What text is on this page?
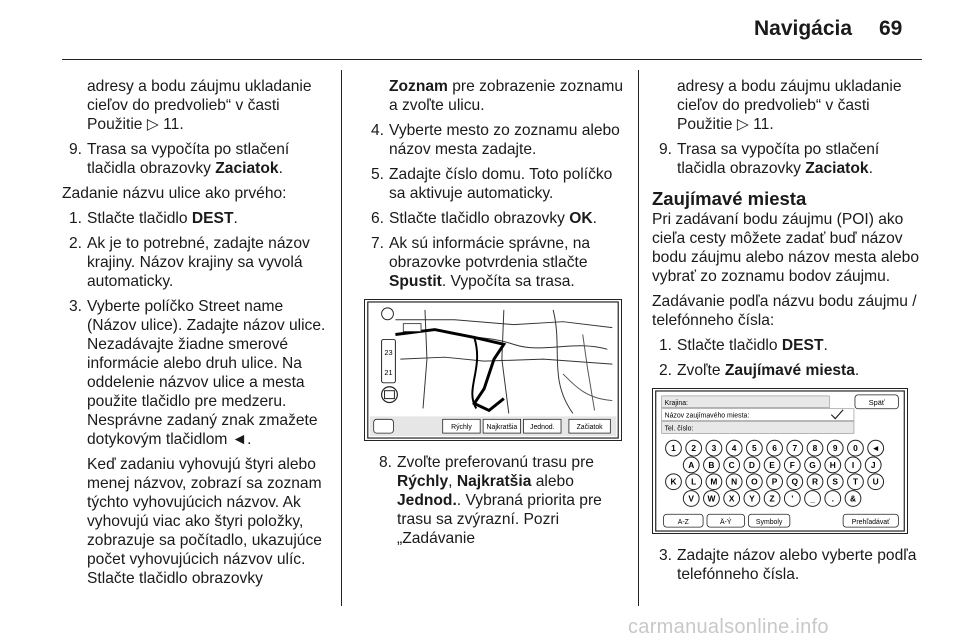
Navigácia 69

adresy a bodu záujmu ukladanie cieľov do predvolieb“ v časti Použitie ▷ 11.

9. Trasa sa vypočíta po stlačení tlačidla obrazovky Zaciatok.

Zadanie názvu ulice ako prvého:

1. Stlačte tlačidlo DEST.
2. Ak je to potrebné, zadajte názov krajiny. Názov krajiny sa vyvolá automaticky.
3. Vyberte políčko Street name (Názov ulice). Zadajte názov ulice. Nezadávajte žiadne smerové informácie alebo druh ulice. Na oddelenie názvov ulice a mesta použite tlačidlo pre medzeru. Nesprávne zadaný znak zmažete dotykovým tlačidlom ◄.

Keď zadaniu vyhovujú štyri alebo menej názvov, zobrazí sa zoznam týchto vyhovujúcich názvov. Ak vyhovujú viac ako štyri položky, zobrazuje sa počítadlo, ukazujúce počet vyhovujúcich názvov ulíc. Stlačte tlačidlo obrazovky

Zoznam pre zobrazenie zoznamu a zvoľte ulicu.

4. Vyberte mesto zo zoznamu alebo názov mesta zadajte.
5. Zadajte číslo domu. Toto políčko sa aktivuje automaticky.
6. Stlačte tlačidlo obrazovky OK.
7. Ak sú informácie správne, na obrazovke potvrdenia stlačte Spustit. Vypočíta sa trasa.
23
21
Rýchly Najkratšia Jednod.	Začiatok
8. Zvoľte preferovanú trasu pre Rýchly, Najkratšia alebo Jednod.. Vybraná priorita pre trasu sa zvýrazní. Pozri „Zadávanie

adresy a bodu záujmu ukladanie cieľov do predvolieb“ v časti Použitie ▷ 11.

9. Trasa sa vypočíta po stlačení tlačidla obrazovky Zaciatok.
Zaujímavé miesta

Pri zadávaní bodu záujmu (POI) ako cieľa cesty môžete zadať buď názov bodu záujmu alebo názov mesta alebo vybrať zo zoznamu bodov záujmu.

Zadávanie podľa názvu bodu záujmu / telefónneho čísla:

1. Stlačte tlačidlo DEST.
2. Zvoľte Zaujímavé miesta.
Krajina:	Späť
Názov zaujímavého miesta:
Tel. číslo:
1 2 3 4 5 6 7 8 9 0 ◄
A B C D E F G H I J
K L M N O P Q R S T U
V W X Y Z ' _ . &
A-Z	Ä-Ý	Symboly	Prehľadávať
3. Zadajte názov alebo vyberte podľa telefónneho čísla.
carmanualsonline.info
